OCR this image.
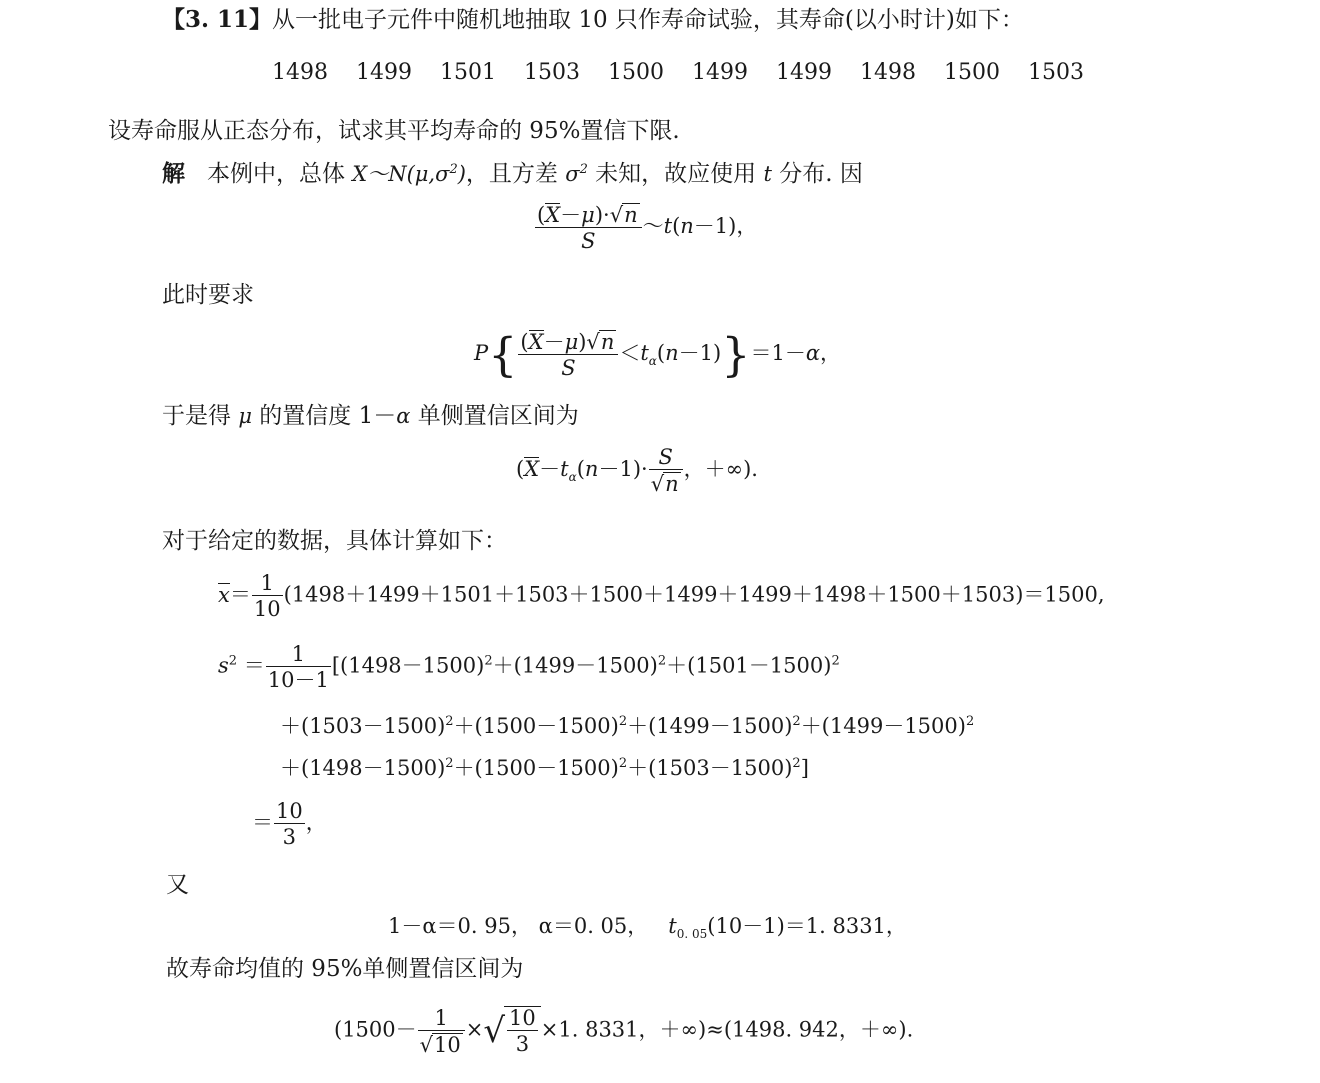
【3. 11】从一批电子元件中随机地抽取 10 只作寿命试验，其寿命(以小时计)如下：
1498 1499 1501 1503 1500 1499 1499 1498 1500 1503
设寿命服从正态分布，试求其平均寿命的 95%置信下限.
解 本例中，总体 $X\sim N(\mu,\sigma^2)$，且方差 $\sigma^2$ 未知，故应使用 t 分布. 因
$\frac{(X-\mu)\cdot√n}{S}$ ～t(n－1)，
此时要求
$P\{ \frac{(X-\mu)√n}{S} <t_\alpha(n-1)\}=1-\alpha$，
于是得 μ 的置信度 1－α 单侧置信区间为
($X-t_\alpha(n-1)\cdot \frac{S}{√n}$ ，＋∞).
对于给定的数据，具体计算如下：
$x= \frac{1}{10} (1498+1499+1501+1503+1500+1499+1499+1498+1500+1503)=1500$,
$s^2 = \frac{1}{10-1} [(1498-1500)^2+(1499-1500)^2+(1501-1500)^2$
$+(1503-1500)^2+(1500-1500)^2+(1499-1500)^2+(1499-1500)^2$
$+(1498-1500)^2+(1500-1500)^2+(1503-1500)^2$]
＝ $\frac{10}{3}$ ，
又
1－α＝0. 95， α＝0. 05， $t_{0. 05}(10-1)=1$. 8331，
故寿命均值的 95%单侧置信区间为
($1500- \frac{1}{√10}$ ×√ $\frac{10}{3} \times 1$. 8331，＋∞)≈(1498. 942，＋∞).
